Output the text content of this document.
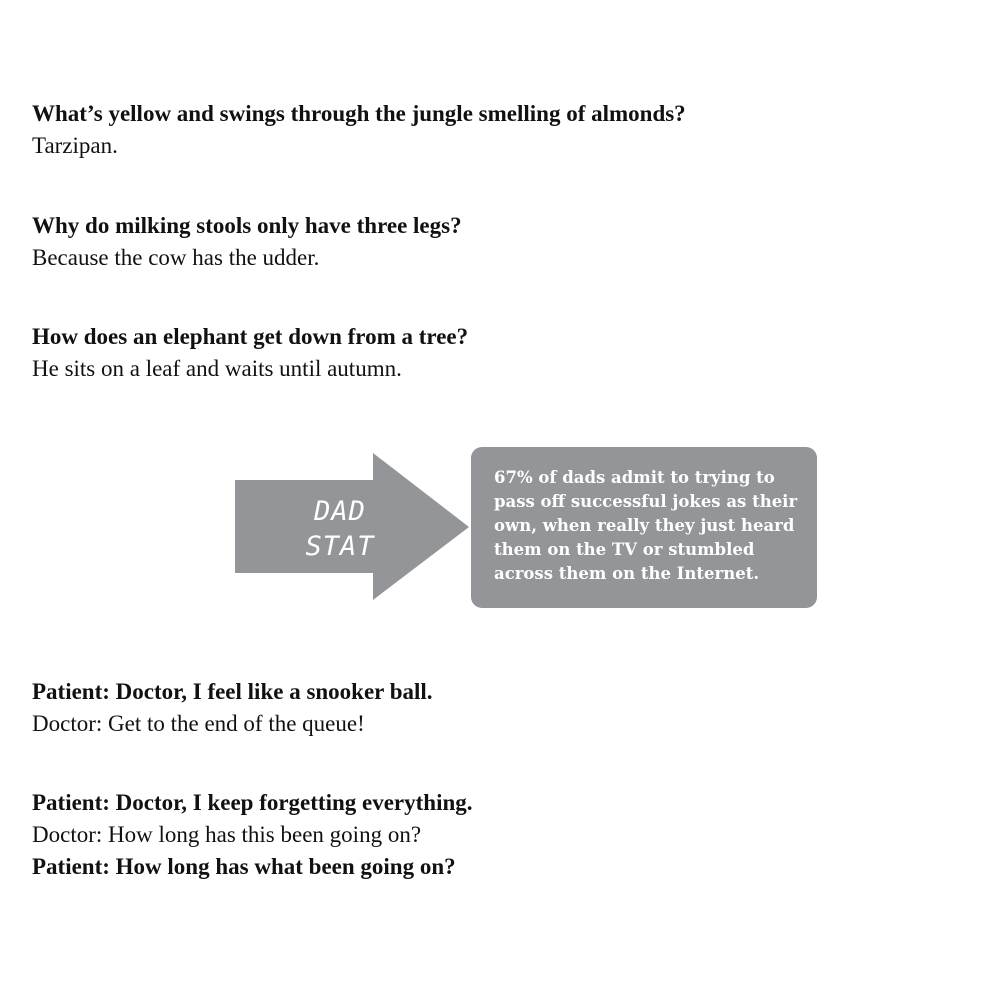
What’s yellow and swings through the jungle smelling of almonds?
Tarzipan.
Why do milking stools only have three legs?
Because the cow has the udder.
How does an elephant get down from a tree?
He sits on a leaf and waits until autumn.
DAD
STAT
67% of dads admit to trying to
pass off successful jokes as their
own, when really they just heard
them on the TV or stumbled
across them on the Internet.
Patient: Doctor, I feel like a snooker ball.
Doctor: Get to the end of the queue!
Patient: Doctor, I keep forgetting everything.
Doctor: How long has this been going on?
Patient: How long has what been going on?
